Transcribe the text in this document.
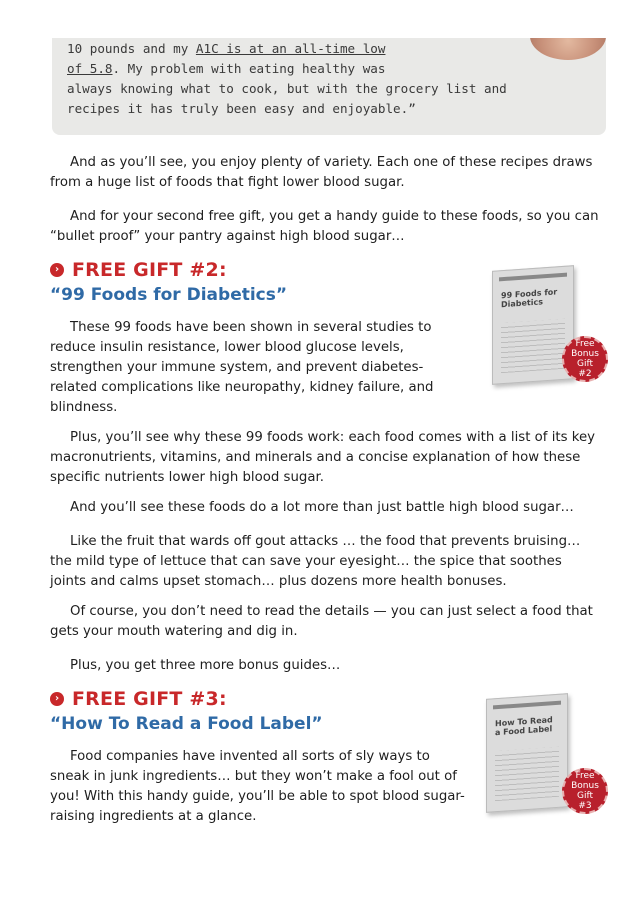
10 pounds and my A1C is at an all-time low
of 5.8. My problem with eating healthy was
always knowing what to cook, but with the grocery list and
recipes it has truly been easy and enjoyable.”

And as you’ll see, you enjoy plenty of variety. Each one of these recipes draws from a huge list of foods that fight lower blood sugar.

And for your second free gift, you get a handy guide to these foods, so you can “bullet proof” your pantry against high blood sugar…

› FREE GIFT #2:
“99 Foods for Diabetics”	99 Foods for Diabetics
Free Bonus
Gift
#2

These 99 foods have been shown in several studies to reduce insulin resistance, lower blood glucose levels, strengthen your immune system, and prevent diabetes-related complications like neuropathy, kidney failure, and blindness.

Plus, you’ll see why these 99 foods work: each food comes with a list of its key macronutrients, vitamins, and minerals and a concise explanation of how these specific nutrients lower high blood sugar.

And you’ll see these foods do a lot more than just battle high blood sugar…

Like the fruit that wards off gout attacks … the food that prevents bruising… the mild type of lettuce that can save your eyesight… the spice that soothes joints and calms upset stomach… plus dozens more health bonuses.

Of course, you don’t need to read the details — you can just select a food that gets your mouth watering and dig in.

Plus, you get three more bonus guides…

› FREE GIFT #3:
“How To Read a Food Label”	How To Read a Food Label
Free Bonus
Gift
#3

Food companies have invented all sorts of sly ways to sneak in junk ingredients… but they won’t make a fool out of you! With this handy guide, you’ll be able to spot blood sugar-raising ingredients at a glance.
